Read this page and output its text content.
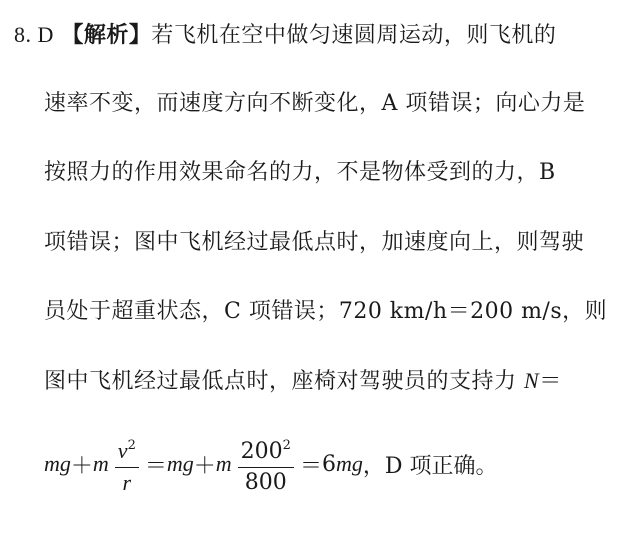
8. D 【解析】若飞机在空中做匀速圆周运动，则飞机的
速率不变，而速度方向不断变化，A 项错误；向心力是
按照力的作用效果命名的力，不是物体受到的力，B
项错误；图中飞机经过最低点时，加速度向上，则驾驶
员处于超重状态，C 项错误；720 km/h＝200 m/s，则
图中飞机经过最低点时，座椅对驾驶员的支持力 N＝
mg ＋ m $\frac{v^2}{r}$ ＝ mg ＋ m $\frac{200^2}{800} = 6$ mg ，D 项正确。
